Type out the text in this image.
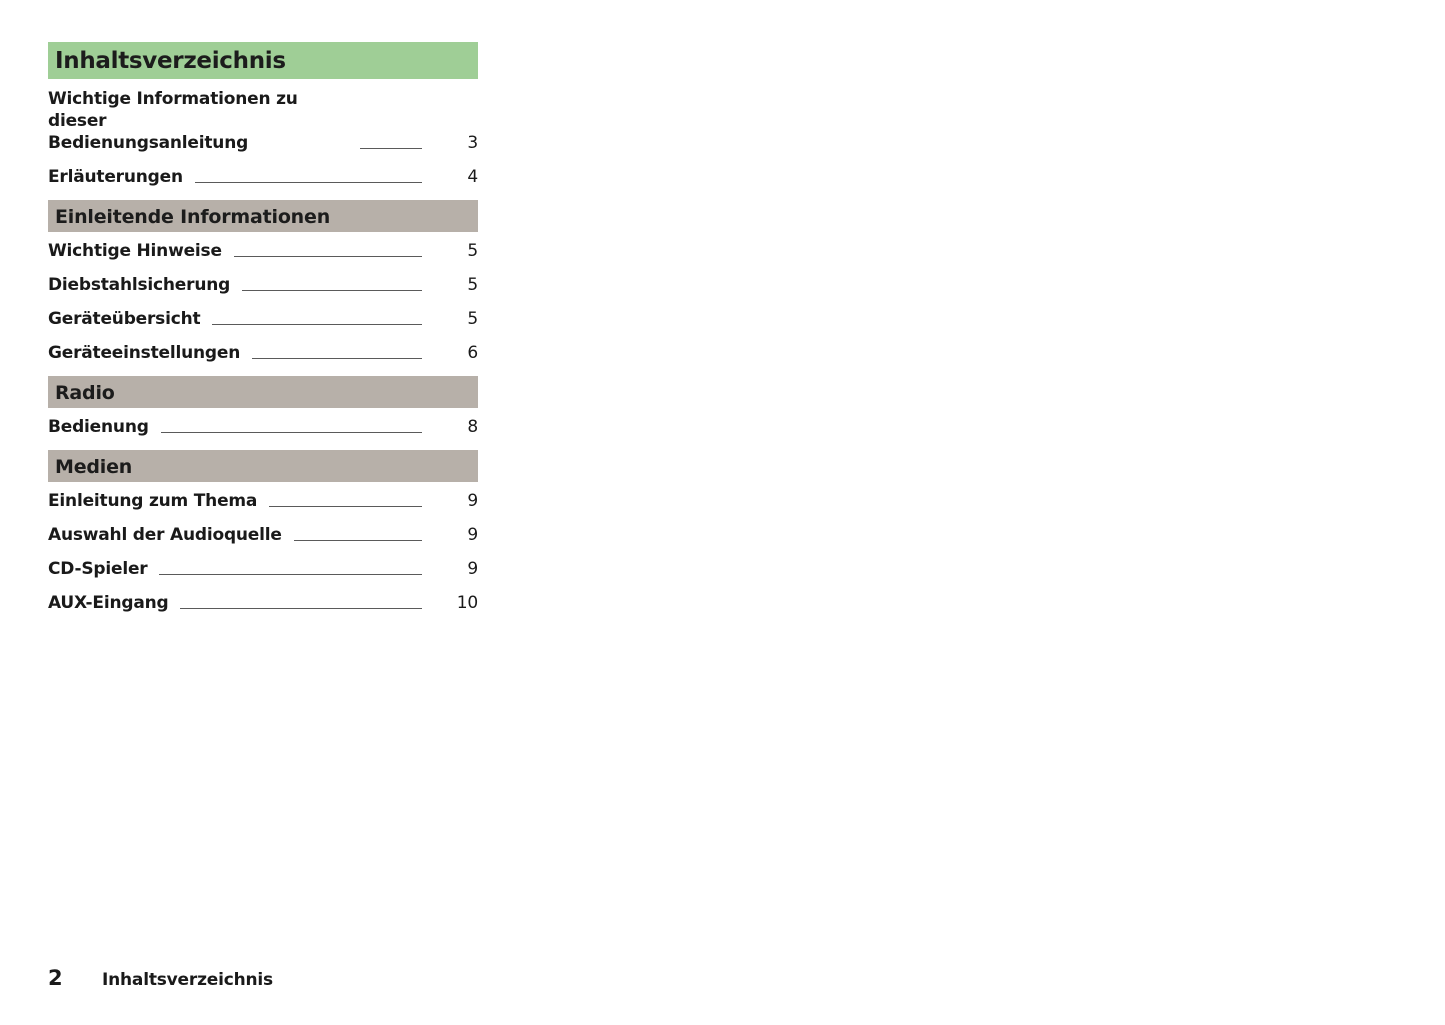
Inhaltsverzeichnis
Wichtige Informationen zu dieser
Bedienungsanleitung	3
Erläuterungen	4
Einleitende Informationen
Wichtige Hinweise	5
Diebstahlsicherung	5
Geräteübersicht	5
Geräteeinstellungen	6
Radio
Bedienung	8
Medien
Einleitung zum Thema	9
Auswahl der Audioquelle	9
CD-Spieler	9
AUX-Eingang	10
2	Inhaltsverzeichnis
